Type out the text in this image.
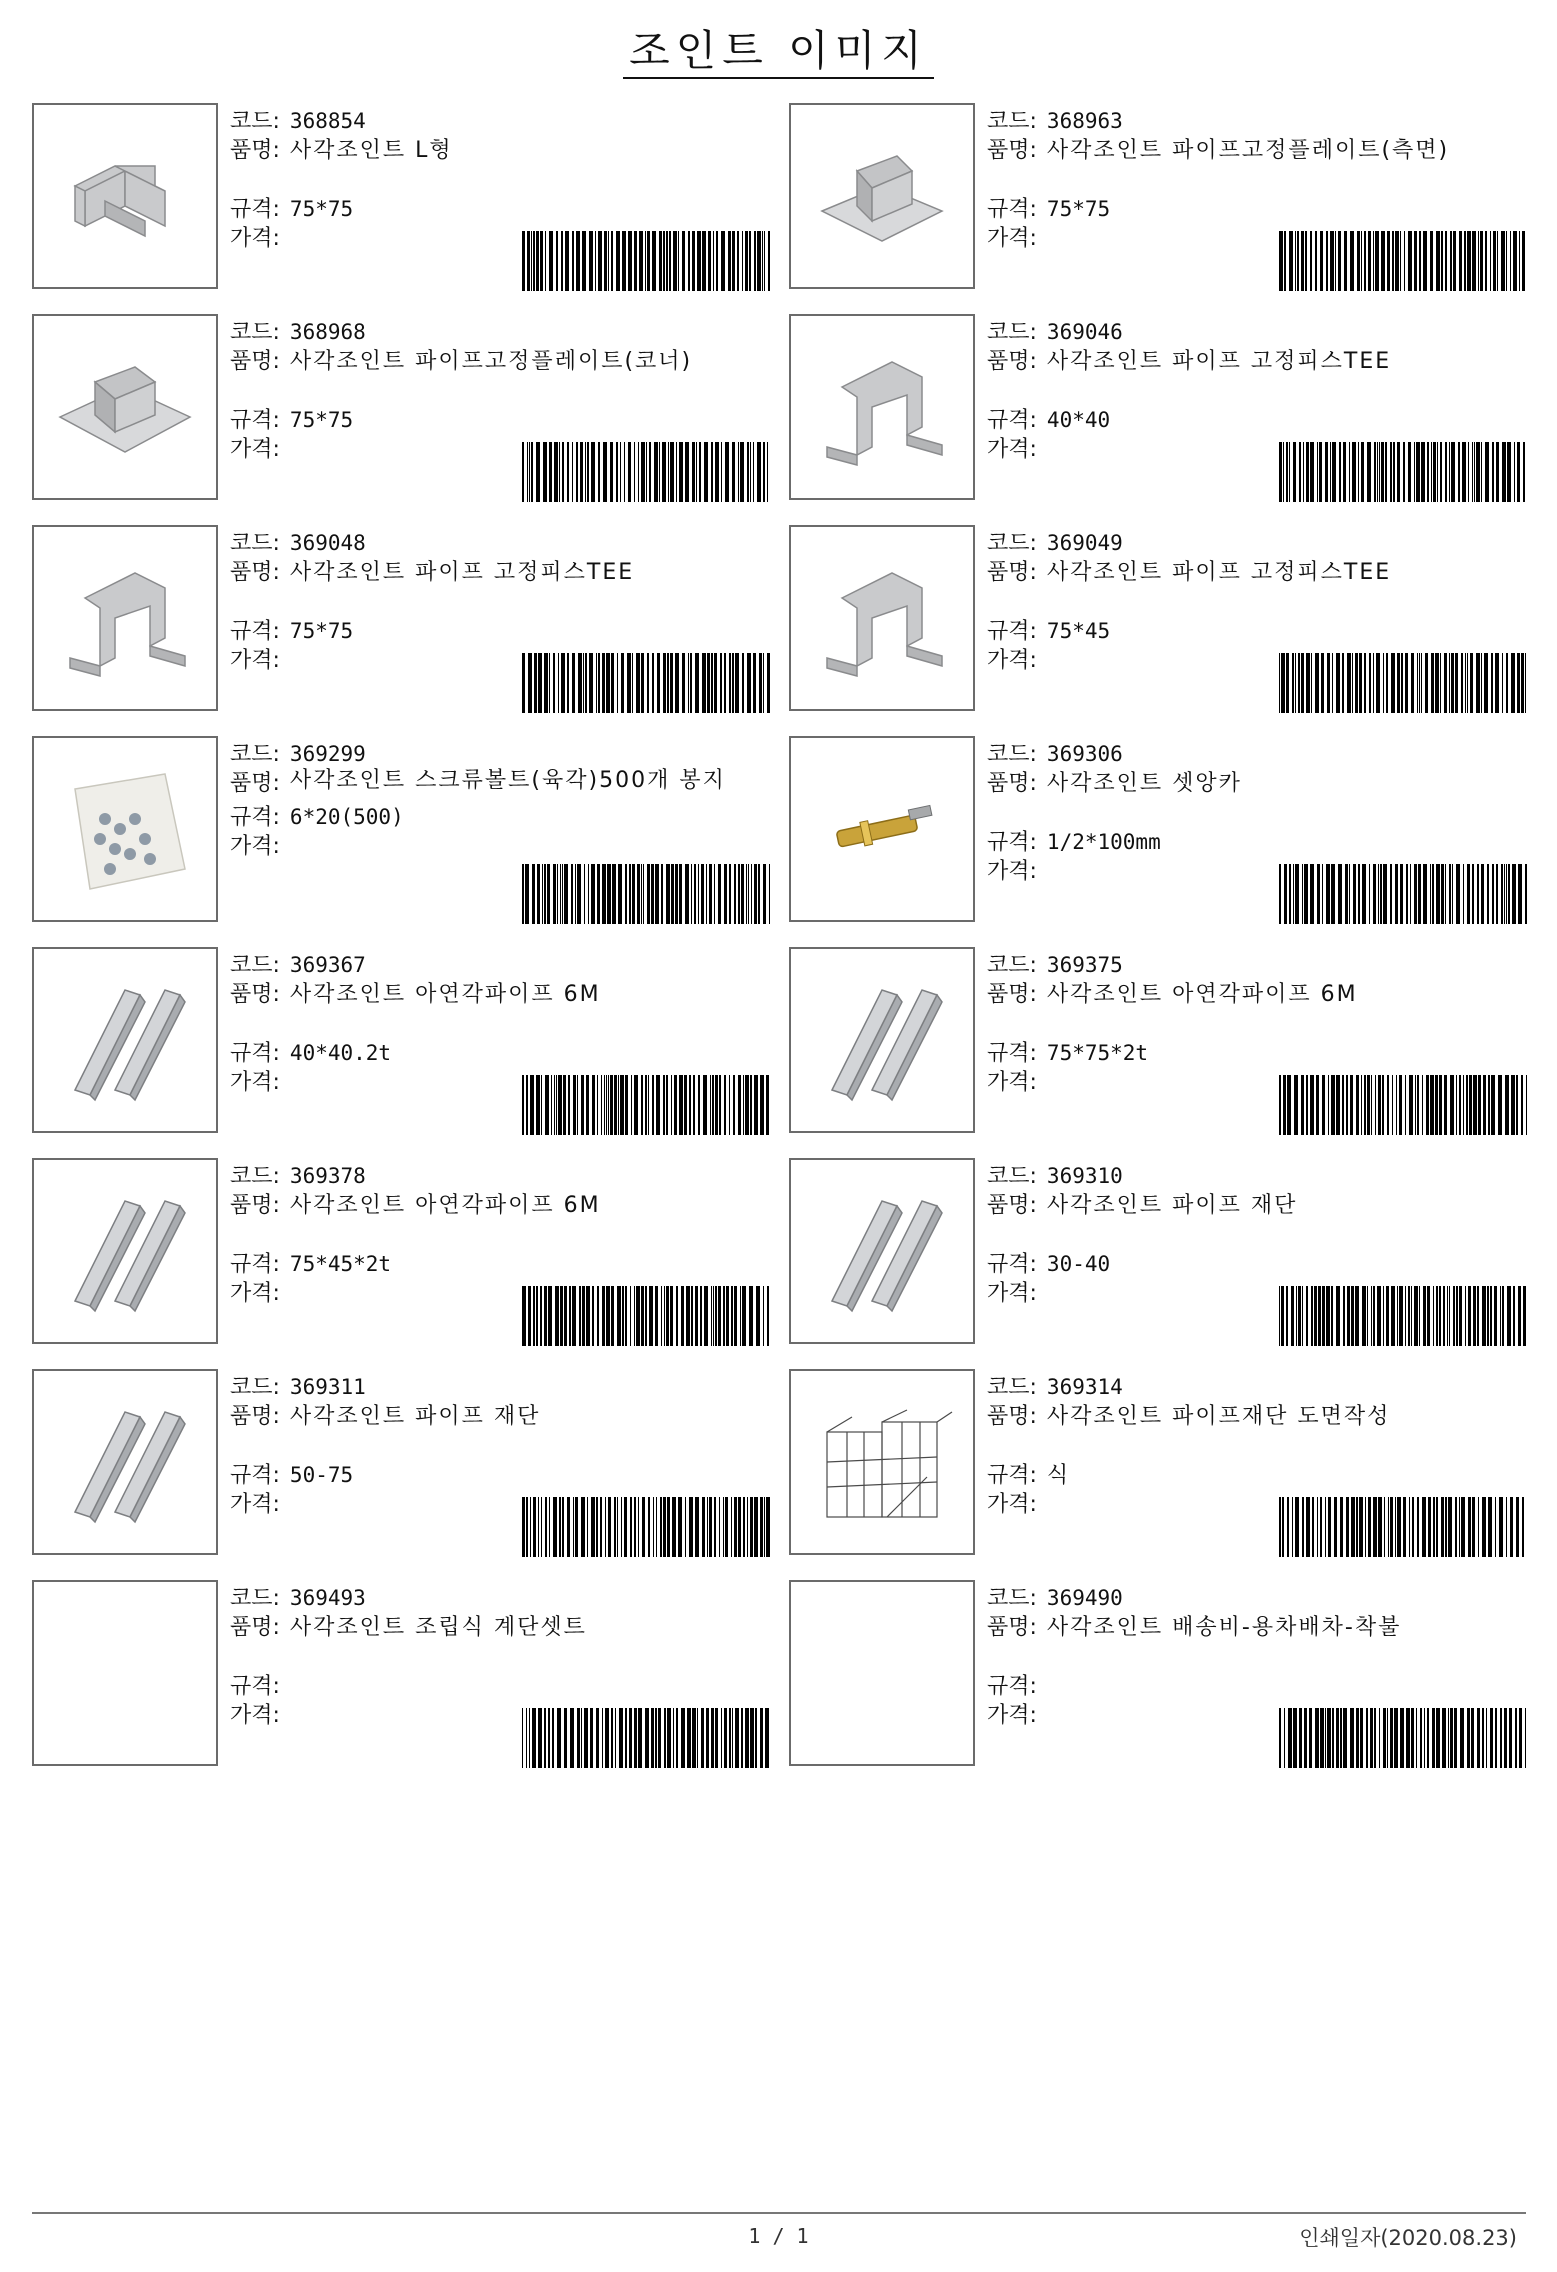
조인트 이미지
코드: 368854
품명: 사각조인트 L형
규격: 75*75
가격:
코드: 368963
품명: 사각조인트 파이프고정플레이트(측면)
규격: 75*75
가격:
코드: 368968
품명: 사각조인트 파이프고정플레이트(코너)
규격: 75*75
가격:
코드: 369046
품명: 사각조인트 파이프 고정피스TEE
규격: 40*40
가격:
코드: 369048
품명: 사각조인트 파이프 고정피스TEE
규격: 75*75
가격:
코드: 369049
품명: 사각조인트 파이프 고정피스TEE
규격: 75*45
가격:
코드: 369299
품명: 사각조인트 스크류볼트(육각)500개 봉지
규격: 6*20(500)
가격:
코드: 369306
품명: 사각조인트 셋앙카
규격: 1/2*100mm
가격:
코드: 369367
품명: 사각조인트 아연각파이프 6M
규격: 40*40.2t
가격:
코드: 369375
품명: 사각조인트 아연각파이프 6M
규격: 75*75*2t
가격:
코드: 369378
품명: 사각조인트 아연각파이프 6M
규격: 75*45*2t
가격:
코드: 369310
품명: 사각조인트 파이프 재단
규격: 30-40
가격:
코드: 369311
품명: 사각조인트 파이프 재단
규격: 50-75
가격:
코드: 369314
품명: 사각조인트 파이프재단 도면작성
규격: 식
가격:
코드: 369493
품명: 사각조인트 조립식 계단셋트
규격:
가격:
코드: 369490
품명: 사각조인트 배송비-용차배차-착불
규격:
가격:
1 / 1	인쇄일자(2020.08.23)
